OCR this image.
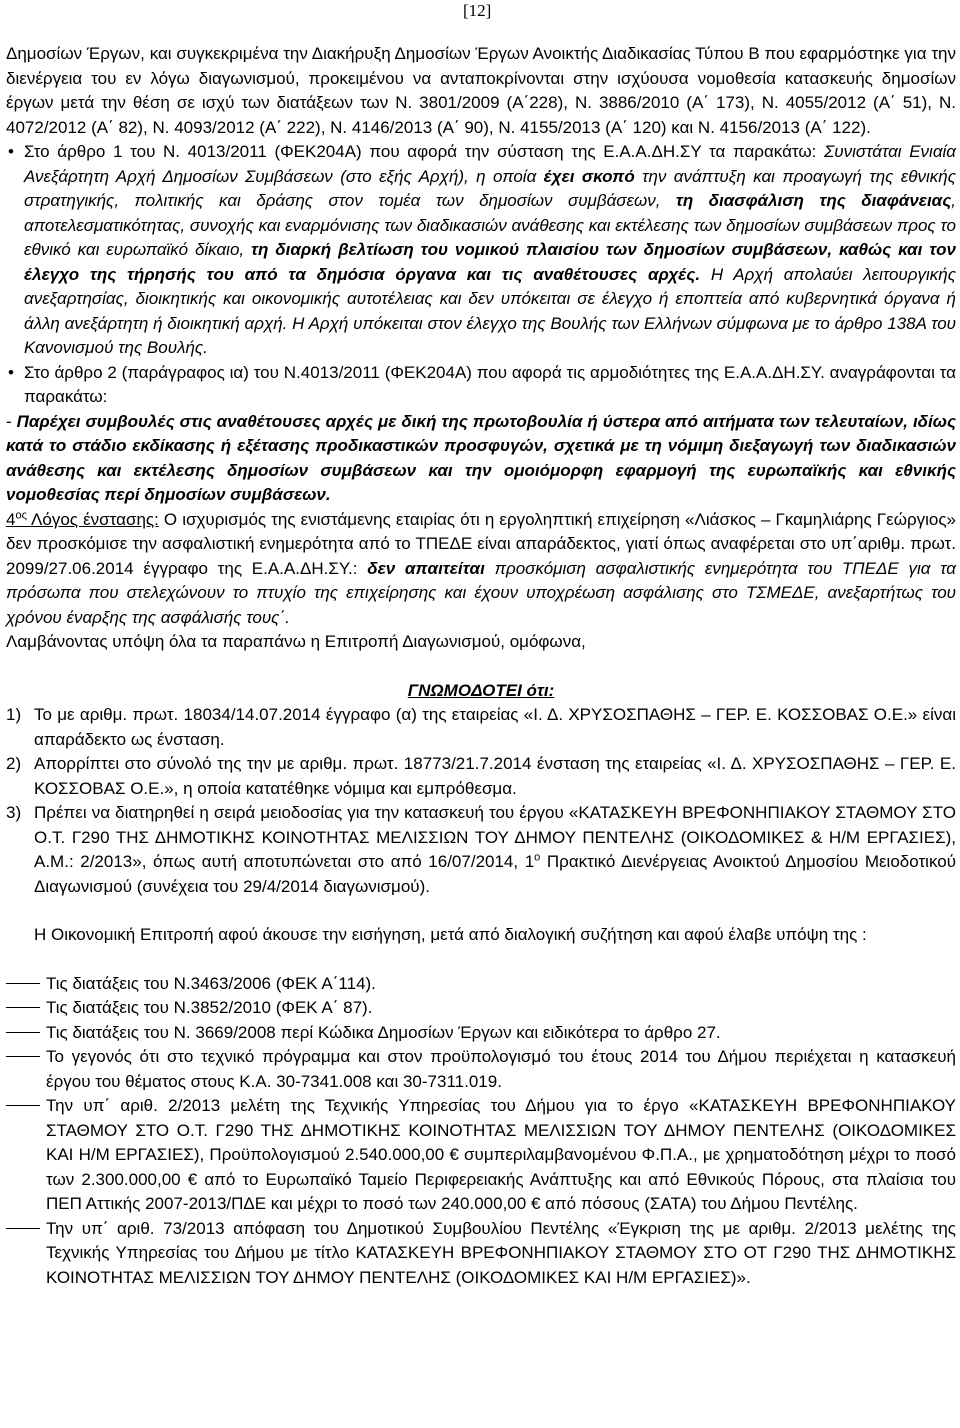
[12]

Δημοσίων Έργων, και συγκεκριμένα την Διακήρυξη Δημοσίων Έργων Ανοικτής Διαδικασίας Τύπου Β που εφαρμόστηκε για την διενέργεια του εν λόγω διαγωνισμού, προκειμένου να ανταποκρίνονται στην ισχύουσα νομοθεσία κατασκευής δημοσίων έργων μετά την θέση σε ισχύ των διατάξεων των Ν. 3801/2009 (Α΄228), Ν. 3886/2010 (Α΄ 173), Ν. 4055/2012 (Α΄ 51), Ν. 4072/2012 (Α΄ 82), Ν. 4093/2012 (Α΄ 222), Ν. 4146/2013 (Α΄ 90), Ν. 4155/2013 (Α΄ 120) και Ν. 4156/2013 (Α΄ 122).

• Στο άρθρο 1 του Ν. 4013/2011 (ΦΕΚ204Α) που αφορά την σύσταση της Ε.Α.Α.ΔΗ.ΣΥ τα παρακάτω: Συνιστάται Ενιαία Ανεξάρτητη Αρχή Δημοσίων Συμβάσεων (στο εξής Αρχή), η οποία έχει σκοπό την ανάπτυξη και προαγωγή της εθνικής στρατηγικής, πολιτικής και δράσης στον τομέα των δημοσίων συμβάσεων, τη διασφάλιση της διαφάνειας, αποτελεσματικότητας, συνοχής και εναρμόνισης των διαδικασιών ανάθεσης και εκτέλεσης των δημοσίων συμβάσεων προς το εθνικό και ευρωπαϊκό δίκαιο, τη διαρκή βελτίωση του νομικού πλαισίου των δημοσίων συμβάσεων, καθώς και τον έλεγχο της τήρησής του από τα δημόσια όργανα και τις αναθέτουσες αρχές. Η Αρχή απολαύει λειτουργικής ανεξαρτησίας, διοικητικής και οικονομικής αυτοτέλειας και δεν υπόκειται σε έλεγχο ή εποπτεία από κυβερνητικά όργανα ή άλλη ανεξάρτητη ή διοικητική αρχή. Η Αρχή υπόκειται στον έλεγχο της Βουλής των Ελλήνων σύμφωνα με το άρθρο 138Α του Κανονισμού της Βουλής.

• Στο άρθρο 2 (παράγραφος ια) του Ν.4013/2011 (ΦΕΚ204Α) που αφορά τις αρμοδιότητες της Ε.Α.Α.ΔΗ.ΣΥ. αναγράφονται τα παρακάτω:

- Παρέχει συμβουλές στις αναθέτουσες αρχές με δική της πρωτοβουλία ή ύστερα από αιτήματα των τελευταίων, ιδίως κατά το στάδιο εκδίκασης ή εξέτασης προδικαστικών προσφυγών, σχετικά με τη νόμιμη διεξαγωγή των διαδικασιών ανάθεσης και εκτέλεσης δημοσίων συμβάσεων και την ομοιόμορφη εφαρμογή της ευρωπαϊκής και εθνικής νομοθεσίας περί δημοσίων συμβάσεων.

$4^{o\varsigma}$ Λόγος ένστασης: Ο ισχυρισμός της ενιστάμενης εταιρίας ότι η εργοληπτική επιχείρηση «Λιάσκος – Γκαμηλιάρης Γεώργιος» δεν προσκόμισε την ασφαλιστική ενημερότητα από το ΤΠΕΔΕ είναι απαράδεκτος, γιατί όπως αναφέρεται στο υπ΄αριθμ. πρωτ. 2099/27.06.2014 έγγραφο της Ε.Α.Α.ΔΗ.ΣΥ.: δεν απαιτείται προσκόμιση ασφαλιστικής ενημερότητα του ΤΠΕΔΕ για τα πρόσωπα που στελεχώνουν το πτυχίο της επιχείρησης και έχουν υποχρέωση ασφάλισης στο ΤΣΜΕΔΕ, ανεξαρτήτως του χρόνου έναρξης της ασφάλισής τους΄.

Λαμβάνοντας υπόψη όλα τα παραπάνω η Επιτροπή Διαγωνισμού, ομόφωνα,

ΓΝΩΜΟΔΟΤΕΙ ότι:

1) Το με αριθμ. πρωτ. 18034/14.07.2014 έγγραφο (α) της εταιρείας «Ι. Δ. ΧΡΥΣΟΣΠΑΘΗΣ – ΓΕΡ. Ε. ΚΟΣΣΟΒΑΣ Ο.Ε.» είναι απαράδεκτο ως ένσταση.
2) Απορρίπτει στο σύνολό της την με αριθμ. πρωτ. 18773/21.7.2014 ένσταση της εταιρείας «Ι. Δ. ΧΡΥΣΟΣΠΑΘΗΣ – ΓΕΡ. Ε. ΚΟΣΣΟΒΑΣ Ο.Ε.», η οποία κατατέθηκε νόμιμα και εμπρόθεσμα.
3) Πρέπει να διατηρηθεί η σειρά μειοδοσίας για την κατασκευή του έργου «ΚΑΤΑΣΚΕΥΗ ΒΡΕΦΟΝΗΠΙΑΚΟΥ ΣΤΑΘΜΟΥ ΣΤΟ Ο.Τ. Γ290 ΤΗΣ ΔΗΜΟΤΙΚΗΣ ΚΟΙΝΟΤΗΤΑΣ ΜΕΛΙΣΣΙΩΝ ΤΟΥ ΔΗΜΟΥ ΠΕΝΤΕΛΗΣ (ΟΙΚΟΔΟΜΙΚΕΣ & Η/Μ ΕΡΓΑΣΙΕΣ), Α.Μ.: 2/2013», όπως αυτή αποτυπώνεται στο από 16/07/2014, $1^o$ Πρακτικό Διενέργειας Ανοικτού Δημοσίου Μειοδοτικού Διαγωνισμού (συνέχεια του 29/4/2014 διαγωνισμού).

Η Οικονομική Επιτροπή αφού άκουσε την εισήγηση, μετά από διαλογική συζήτηση και αφού έλαβε υπόψη της :

Τις διατάξεις του Ν.3463/2006 (ΦΕΚ Α΄114).
Τις διατάξεις του Ν.3852/2010 (ΦΕΚ Α΄ 87).
Τις διατάξεις του Ν. 3669/2008 περί Κώδικα Δημοσίων Έργων και ειδικότερα το άρθρο 27.
Το γεγονός ότι στο τεχνικό πρόγραμμα και στον προϋπολογισμό του έτους 2014 του Δήμου περιέχεται η κατασκευή έργου του θέματος στους Κ.Α. 30-7341.008 και 30-7311.019.
Την υπ΄ αριθ. 2/2013 μελέτη της Τεχνικής Υπηρεσίας του Δήμου για το έργο «ΚΑΤΑΣΚΕΥΗ ΒΡΕΦΟΝΗΠΙΑΚΟΥ ΣΤΑΘΜΟΥ ΣΤΟ Ο.Τ. Γ290 ΤΗΣ ΔΗΜΟΤΙΚΗΣ ΚΟΙΝΟΤΗΤΑΣ ΜΕΛΙΣΣΙΩΝ ΤΟΥ ΔΗΜΟΥ ΠΕΝΤΕΛΗΣ (ΟΙΚΟΔΟΜΙΚΕΣ ΚΑΙ Η/Μ ΕΡΓΑΣΙΕΣ), Προϋπολογισμού 2.540.000,00 € συμπεριλαμβανομένου Φ.Π.Α., με χρηματοδότηση μέχρι το ποσό των 2.300.000,00 € από το Ευρωπαϊκό Ταμείο Περιφερειακής Ανάπτυξης και από Εθνικούς Πόρους, στα πλαίσια του ΠΕΠ Αττικής 2007-2013/ΠΔΕ και μέχρι το ποσό των 240.000,00 € από πόσους (ΣΑΤΑ) του Δήμου Πεντέλης.
Την υπ΄ αριθ. 73/2013 απόφαση του Δημοτικού Συμβουλίου Πεντέλης «Έγκριση της με αριθμ. 2/2013 μελέτης της Τεχνικής Υπηρεσίας του Δήμου με τίτλο ΚΑΤΑΣΚΕΥΗ ΒΡΕΦΟΝΗΠΙΑΚΟΥ ΣΤΑΘΜΟΥ ΣΤΟ ΟΤ Γ290 ΤΗΣ ΔΗΜΟΤΙΚΗΣ ΚΟΙΝΟΤΗΤΑΣ ΜΕΛΙΣΣΙΩΝ ΤΟΥ ΔΗΜΟΥ ΠΕΝΤΕΛΗΣ (ΟΙΚΟΔΟΜΙΚΕΣ ΚΑΙ Η/Μ ΕΡΓΑΣΙΕΣ)».
